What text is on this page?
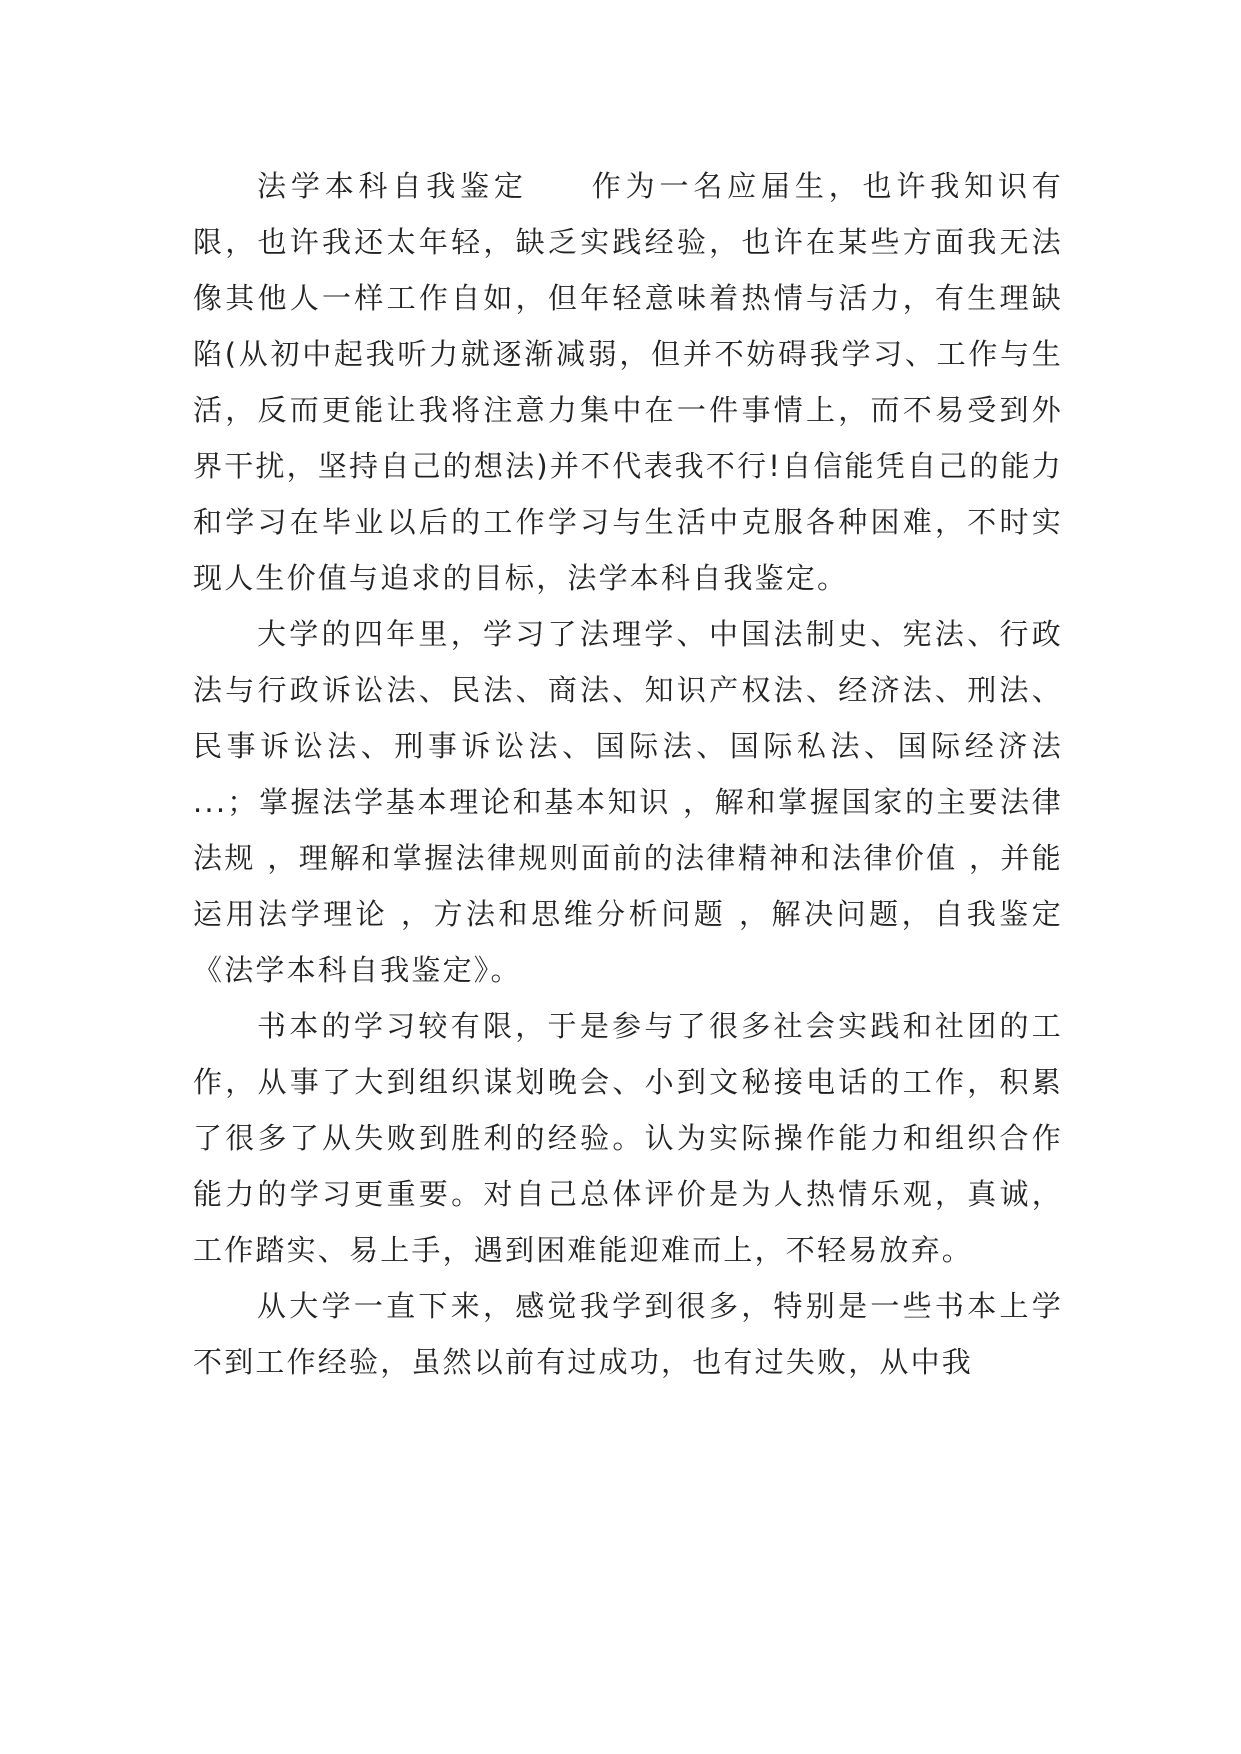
法学本科自我鉴定 作为一名应届生，也许我知识有限，也许我还太年轻，缺乏实践经验，也许在某些方面我无法像其他人一样工作自如，但年轻意味着热情与活力，有生理缺陷(从初中起我听力就逐渐减弱，但并不妨碍我学习、工作与生活，反而更能让我将注意力集中在一件事情上，而不易受到外界干扰，坚持自己的想法)并不代表我不行!自信能凭自己的能力和学习在毕业以后的工作学习与生活中克服各种困难，不时实现人生价值与追求的目标，法学本科自我鉴定。

大学的四年里，学习了法理学、中国法制史、宪法、行政法与行政诉讼法、民法、商法、知识产权法、经济法、刑法、民事诉讼法、刑事诉讼法、国际法、国际私法、国际经济法 ...；掌握法学基本理论和基本知识 ，解和掌握国家的主要法律法规 ，理解和掌握法律规则面前的法律精神和法律价值 ，并能运用法学理论 ，方法和思维分析问题 ，解决问题，自我鉴定《法学本科自我鉴定》。

书本的学习较有限，于是参与了很多社会实践和社团的工作，从事了大到组织谋划晚会、小到文秘接电话的工作，积累了很多了从失败到胜利的经验。认为实际操作能力和组织合作能力的学习更重要。对自己总体评价是为人热情乐观，真诚，工作踏实、易上手，遇到困难能迎难而上，不轻易放弃。

从大学一直下来，感觉我学到很多，特别是一些书本上学不到工作经验，虽然以前有过成功，也有过失败，从中我
